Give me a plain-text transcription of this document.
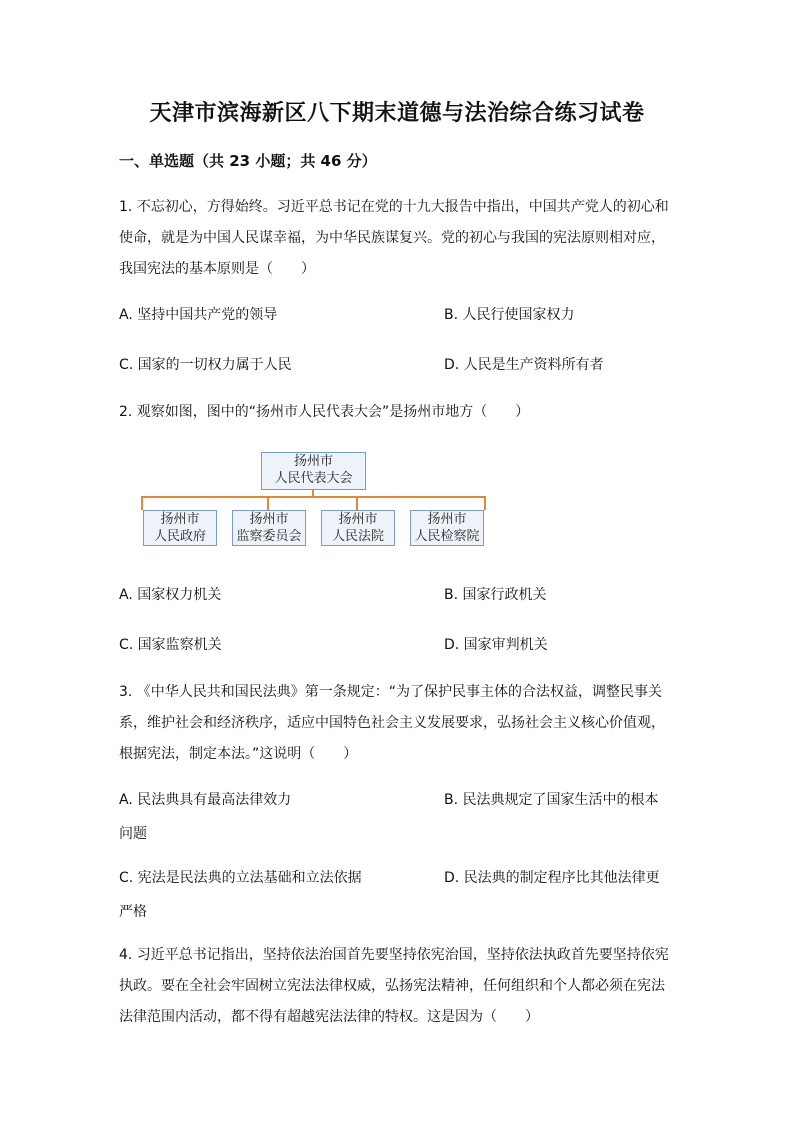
天津市滨海新区八下期末道德与法治综合练习试卷
一、单选题（共 23 小题；共 46 分）
1. 不忘初心，方得始终。习近平总书记在党的十九大报告中指出，中国共产党人的初心和
使命，就是为中国人民谋幸福，为中华民族谋复兴。党的初心与我国的宪法原则相对应，
我国宪法的基本原则是（　　）
A. 坚持中国共产党的领导	B. 人民行使国家权力
C. 国家的一切权力属于人民	D. 人民是生产资料所有者
2. 观察如图，图中的“扬州市人民代表大会”是扬州市地方（　　）
扬州市
人民代表大会
扬州市
人民政府
扬州市
监察委员会
扬州市
人民法院
扬州市
人民检察院
A. 国家权力机关	B. 国家行政机关
C. 国家监察机关	D. 国家审判机关
3. 《中华人民共和国民法典》第一条规定：“为了保护民事主体的合法权益，调整民事关
系，维护社会和经济秩序，适应中国特色社会主义发展要求，弘扬社会主义核心价值观，
根据宪法，制定本法。”这说明（　　）
A. 民法典具有最高法律效力	B. 民法典规定了国家生活中的根本
问题
C. 宪法是民法典的立法基础和立法依据	D. 民法典的制定程序比其他法律更
严格
4. 习近平总书记指出，坚持依法治国首先要坚持依宪治国，坚持依法执政首先要坚持依宪
执政。要在全社会牢固树立宪法法律权威，弘扬宪法精神，任何组织和个人都必须在宪法
法律范围内活动，都不得有超越宪法法律的特权。这是因为（　　）
